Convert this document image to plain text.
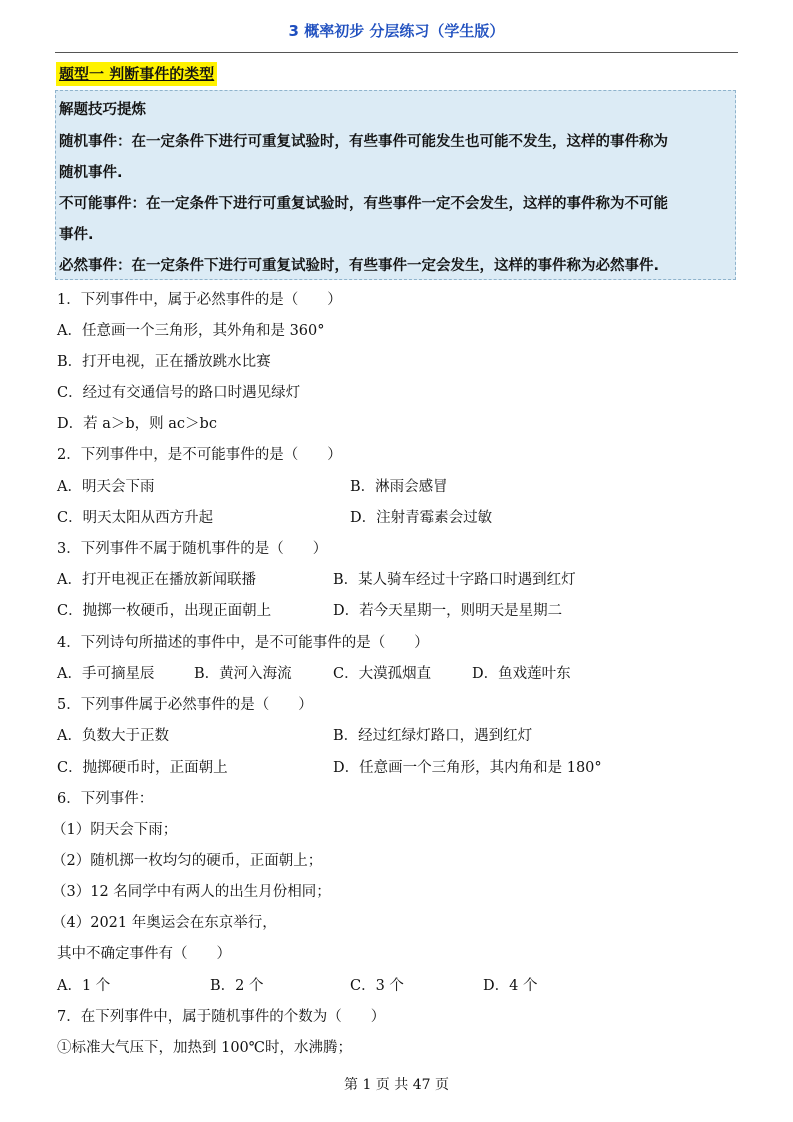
3 概率初步 分层练习（学生版）
题型一 判断事件的类型
解题技巧提炼
随机事件：在一定条件下进行可重复试验时，有些事件可能发生也可能不发生，这样的事件称为
随机事件.
不可能事件：在一定条件下进行可重复试验时，有些事件一定不会发生，这样的事件称为不可能
事件.
必然事件：在一定条件下进行可重复试验时，有些事件一定会发生，这样的事件称为必然事件.
1．下列事件中，属于必然事件的是（　　）
A．任意画一个三角形，其外角和是 360°
B．打开电视，正在播放跳水比赛
C．经过有交通信号的路口时遇见绿灯
D．若 a＞b，则 ac＞bc
2．下列事件中，是不可能事件的是（　　）
A．明天会下雨	B．淋雨会感冒
C．明天太阳从西方升起	D．注射青霉素会过敏
3．下列事件不属于随机事件的是（　　）
A．打开电视正在播放新闻联播	B．某人骑车经过十字路口时遇到红灯
C．抛掷一枚硬币，出现正面朝上	D．若今天星期一，则明天是星期二
4．下列诗句所描述的事件中，是不可能事件的是（　　）
A．手可摘星辰	B．黄河入海流	C．大漠孤烟直	D．鱼戏莲叶东
5．下列事件属于必然事件的是（　　）
A．负数大于正数	B．经过红绿灯路口，遇到红灯
C．抛掷硬币时，正面朝上	D．任意画一个三角形，其内角和是 180°
6．下列事件：
（1）阴天会下雨；
（2）随机掷一枚均匀的硬币，正面朝上；
（3）12 名同学中有两人的出生月份相同；
（4）2021 年奥运会在东京举行，
其中不确定事件有（　　）
A．1 个	B．2 个	C．3 个	D．4 个
7．在下列事件中，属于随机事件的个数为（　　）
①标准大气压下，加热到 100℃时，水沸腾；
第 1 页 共 47 页
